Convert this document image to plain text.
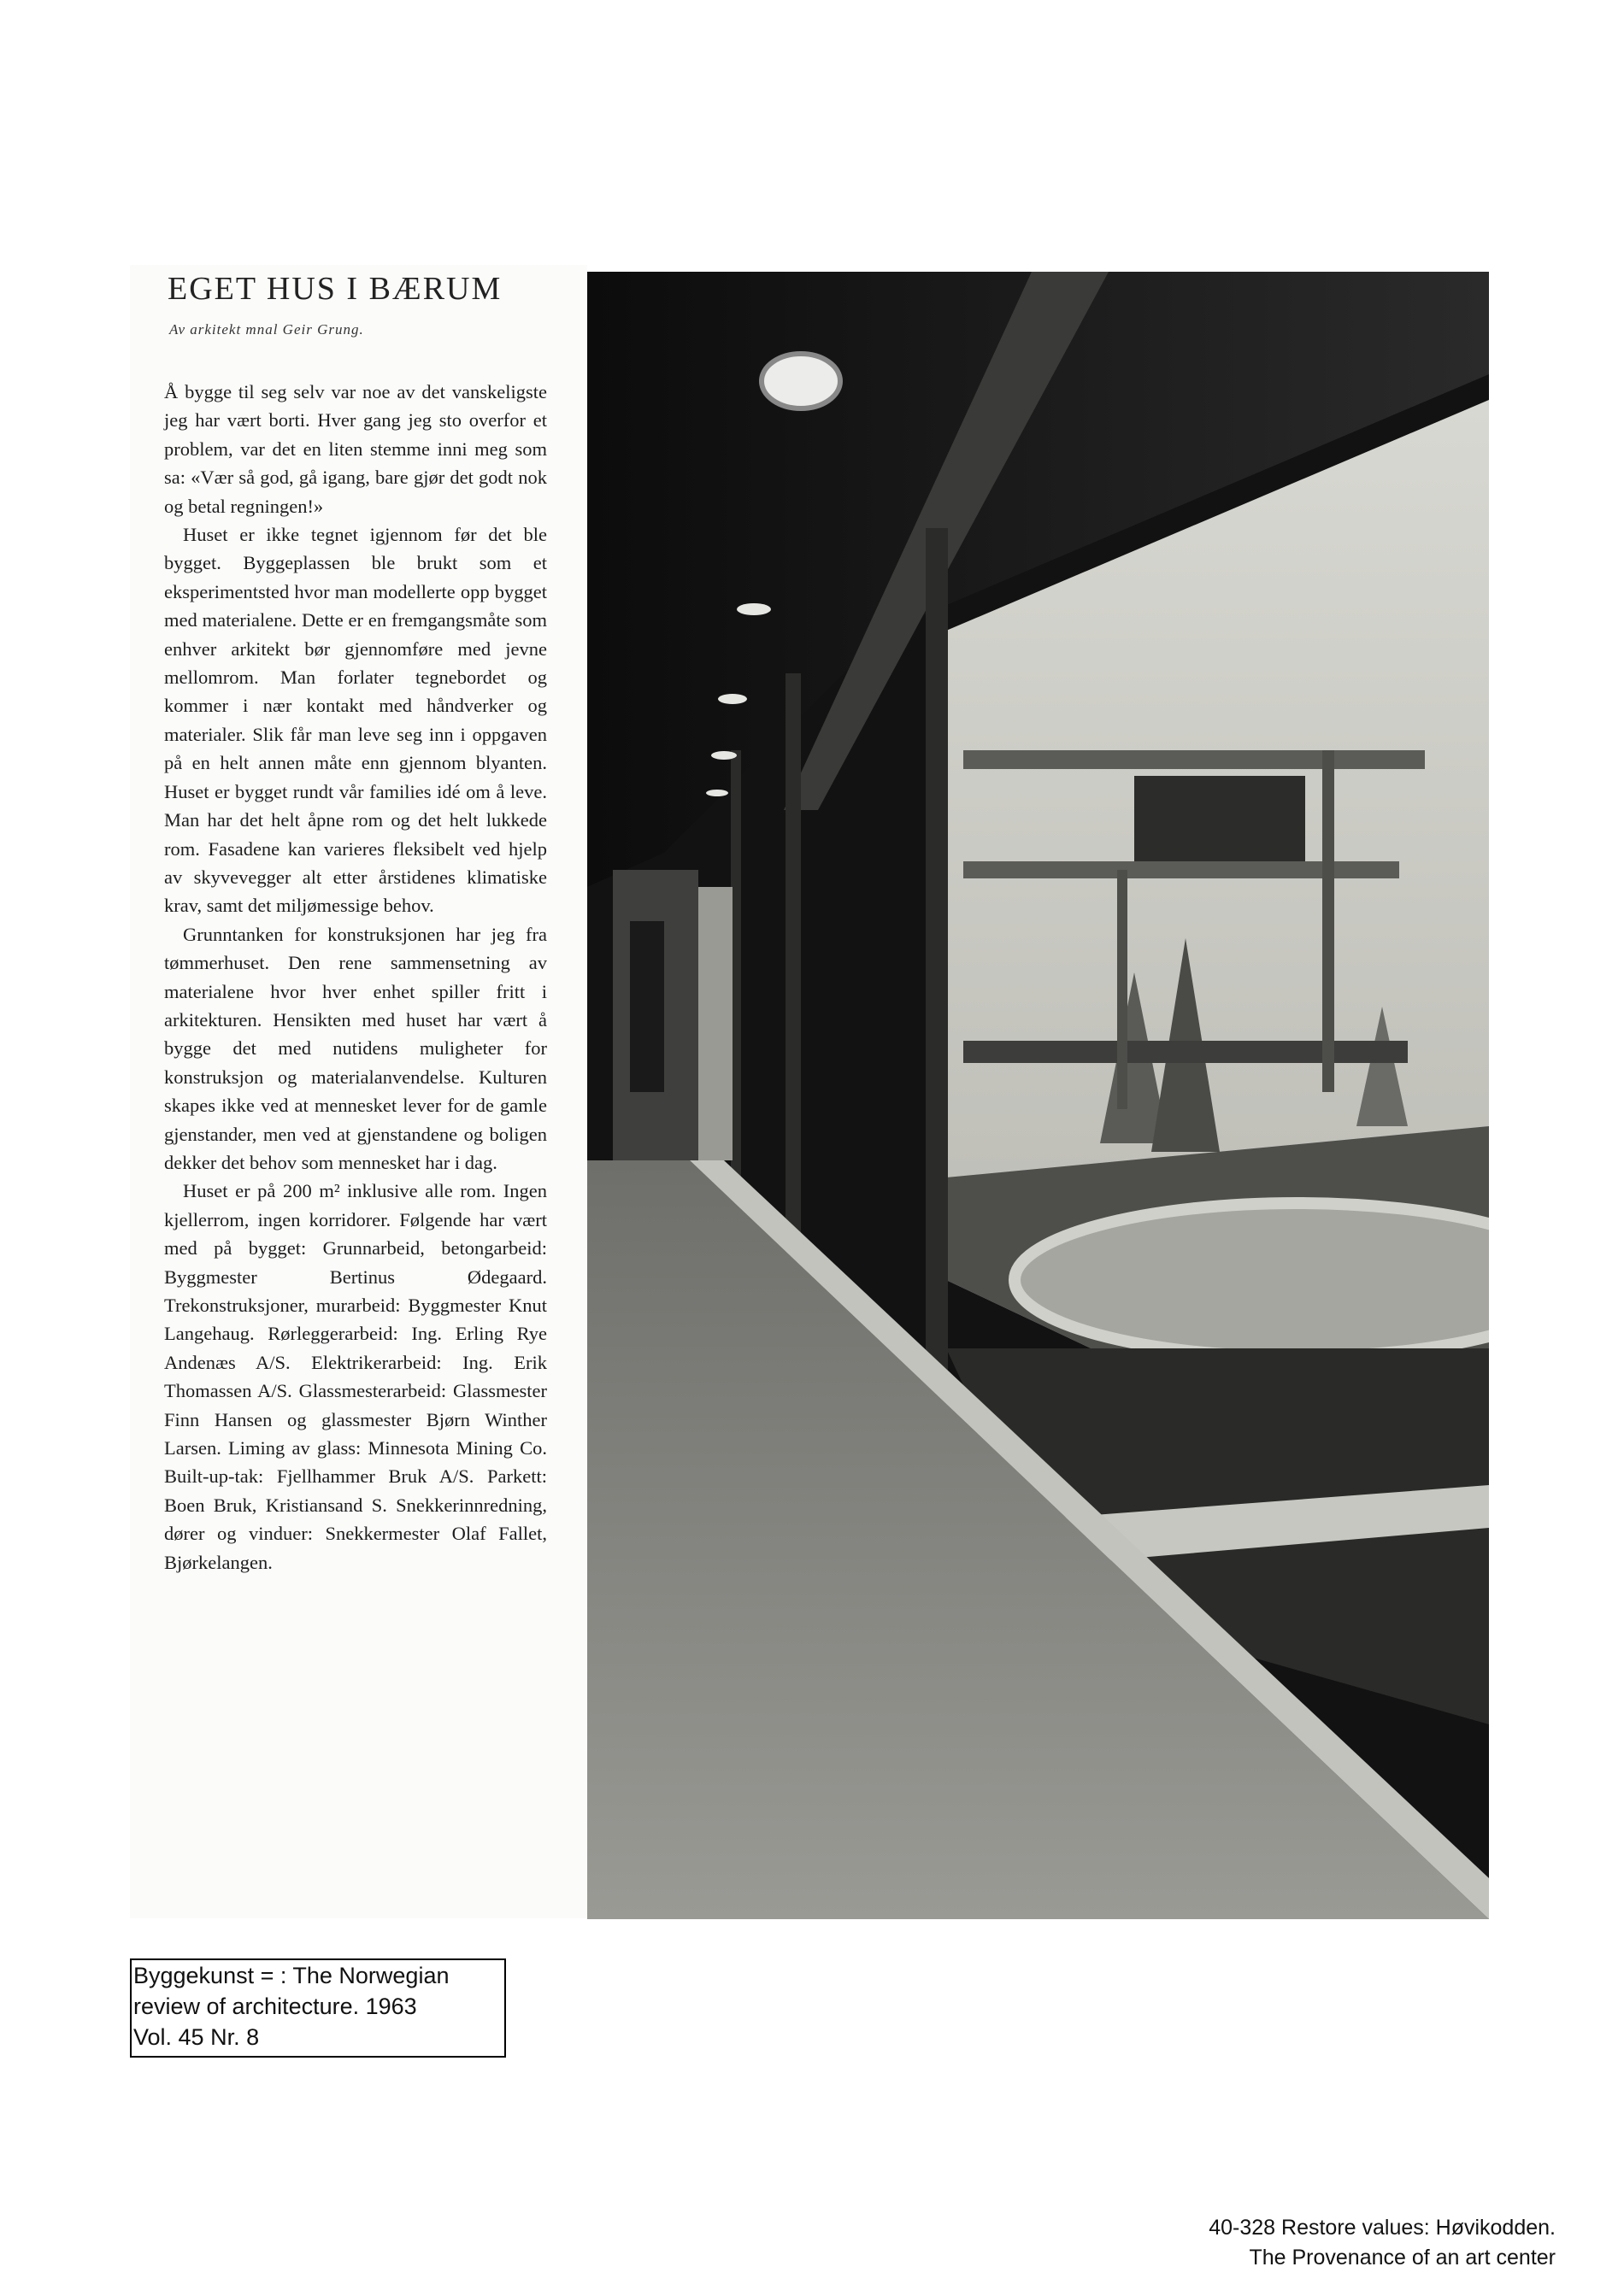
EGET HUS I BÆRUM
Av arkitekt mnal Geir Grung.

Å bygge til seg selv var noe av det vanskeligste jeg har vært borti. Hver gang jeg sto overfor et problem, var det en liten stemme inni meg som sa: «Vær så god, gå igang, bare gjør det godt nok og betal regningen!»

Huset er ikke tegnet igjennom før det ble bygget. Byggeplassen ble brukt som et eksperimentsted hvor man modellerte opp bygget med materialene. Dette er en fremgangsmåte som enhver arkitekt bør gjennomføre med jevne mellomrom. Man forlater tegnebordet og kommer i nær kontakt med håndverker og materialer. Slik får man leve seg inn i oppgaven på en helt annen måte enn gjennom blyanten. Huset er bygget rundt vår families idé om å leve. Man har det helt åpne rom og det helt lukkede rom. Fasadene kan varieres fleksibelt ved hjelp av skyvevegger alt etter årstidenes klimatiske krav, samt det miljømessige behov.

Grunntanken for konstruksjonen har jeg fra tømmerhuset. Den rene sammensetning av materialene hvor hver enhet spiller fritt i arkitekturen. Hensikten med huset har vært å bygge det med nutidens muligheter for konstruksjon og materialanvendelse. Kulturen skapes ikke ved at mennesket lever for de gamle gjenstander, men ved at gjenstandene og boligen dekker det behov som mennesket har i dag.

Huset er på 200 m² inklusive alle rom. Ingen kjellerrom, ingen korridorer. Følgende har vært med på bygget: Grunnarbeid, betongarbeid: Byggmester Bertinus Ødegaard. Trekonstruksjoner, murarbeid: Byggmester Knut Langehaug. Rørleggerarbeid: Ing. Erling Rye Andenæs A/S. Elektrikerarbeid: Ing. Erik Thomassen A/S. Glassmesterarbeid: Glassmester Finn Hansen og glassmester Bjørn Winther Larsen. Liming av glass: Minnesota Mining Co. Built-up-tak: Fjellhammer Bruk A/S. Parkett: Boen Bruk, Kristiansand S. Snekkerinnredning, dører og vinduer: Snekkermester Olaf Fallet, Bjørkelangen.

Byggekunst = : The Norwegian
review of architecture. 1963
Vol. 45 Nr. 8
40-328 Restore values: Høvikodden.
The Provenance of an art center
